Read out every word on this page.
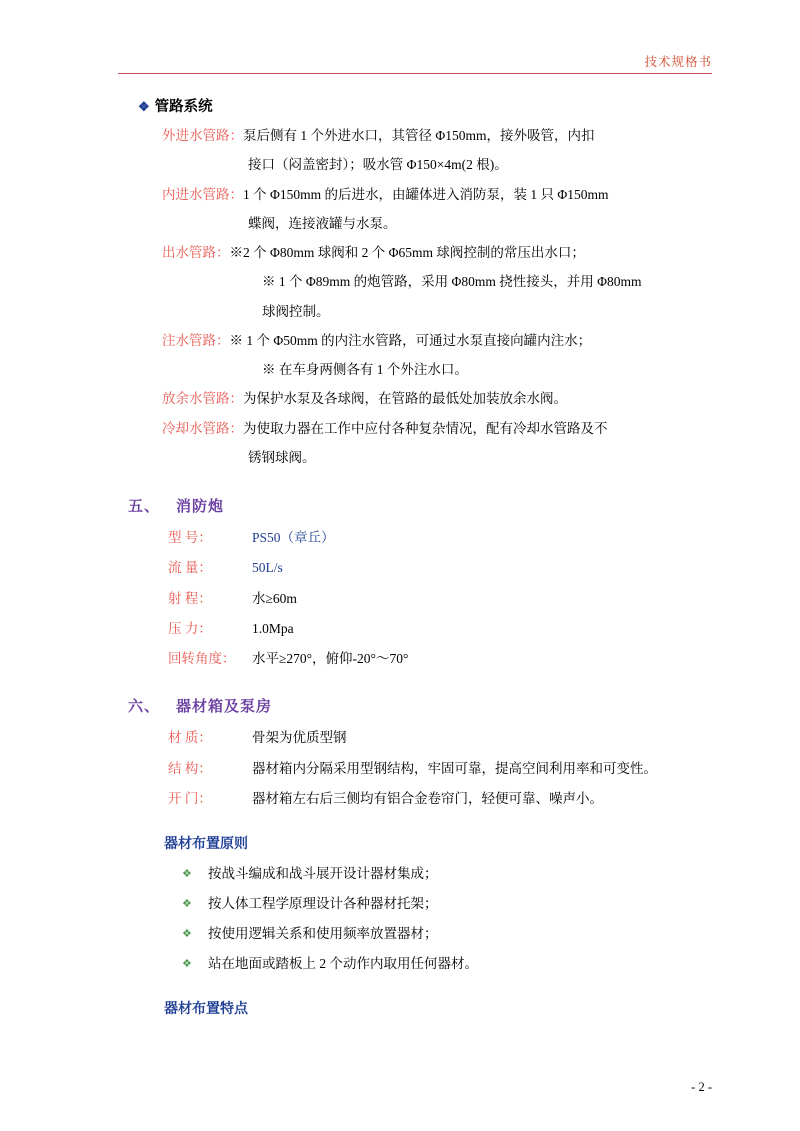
技术规格书
❖ 管路系统
外进水管路： 泵后侧有 1 个外进水口，其管径 Φ150mm，接外吸管，内扣
接口（闷盖密封）；吸水管 Φ150×4m(2 根)。
内进水管路： 1 个 Φ150mm 的后进水，由罐体进入消防泵，装 1 只 Φ150mm
蝶阀，连接液罐与水泵。
出水管路： ※2 个 Φ80mm 球阀和 2 个 Φ65mm 球阀控制的常压出水口；
※ 1 个 Φ89mm 的炮管路，采用 Φ80mm 挠性接头，并用 Φ80mm
球阀控制。
注水管路： ※ 1 个 Φ50mm 的内注水管路，可通过水泵直接向罐内注水；
※ 在车身两侧各有 1 个外注水口。
放余水管路： 为保护水泵及各球阀，在管路的最低处加装放余水阀。
冷却水管路： 为使取力器在工作中应付各种复杂情况，配有冷却水管路及不
锈钢球阀。
五、 消防炮
型 号：	PS50（章丘）
流 量：	50L/s
射 程：	水≥60m
压 力：	1.0Mpa
回转角度：	水平≥270°，俯仰-20°～70°
六、 器材箱及泵房
材 质：	骨架为优质型钢
结 构：	器材箱内分隔采用型钢结构，牢固可靠，提高空间利用率和可变性。
开 门：	器材箱左右后三侧均有铝合金卷帘门，轻便可靠、噪声小。
器材布置原则
❖	按战斗编成和战斗展开设计器材集成；
❖	按人体工程学原理设计各种器材托架；
❖	按使用逻辑关系和使用频率放置器材；
❖	站在地面或踏板上 2 个动作内取用任何器材。
器材布置特点
- 2 -
